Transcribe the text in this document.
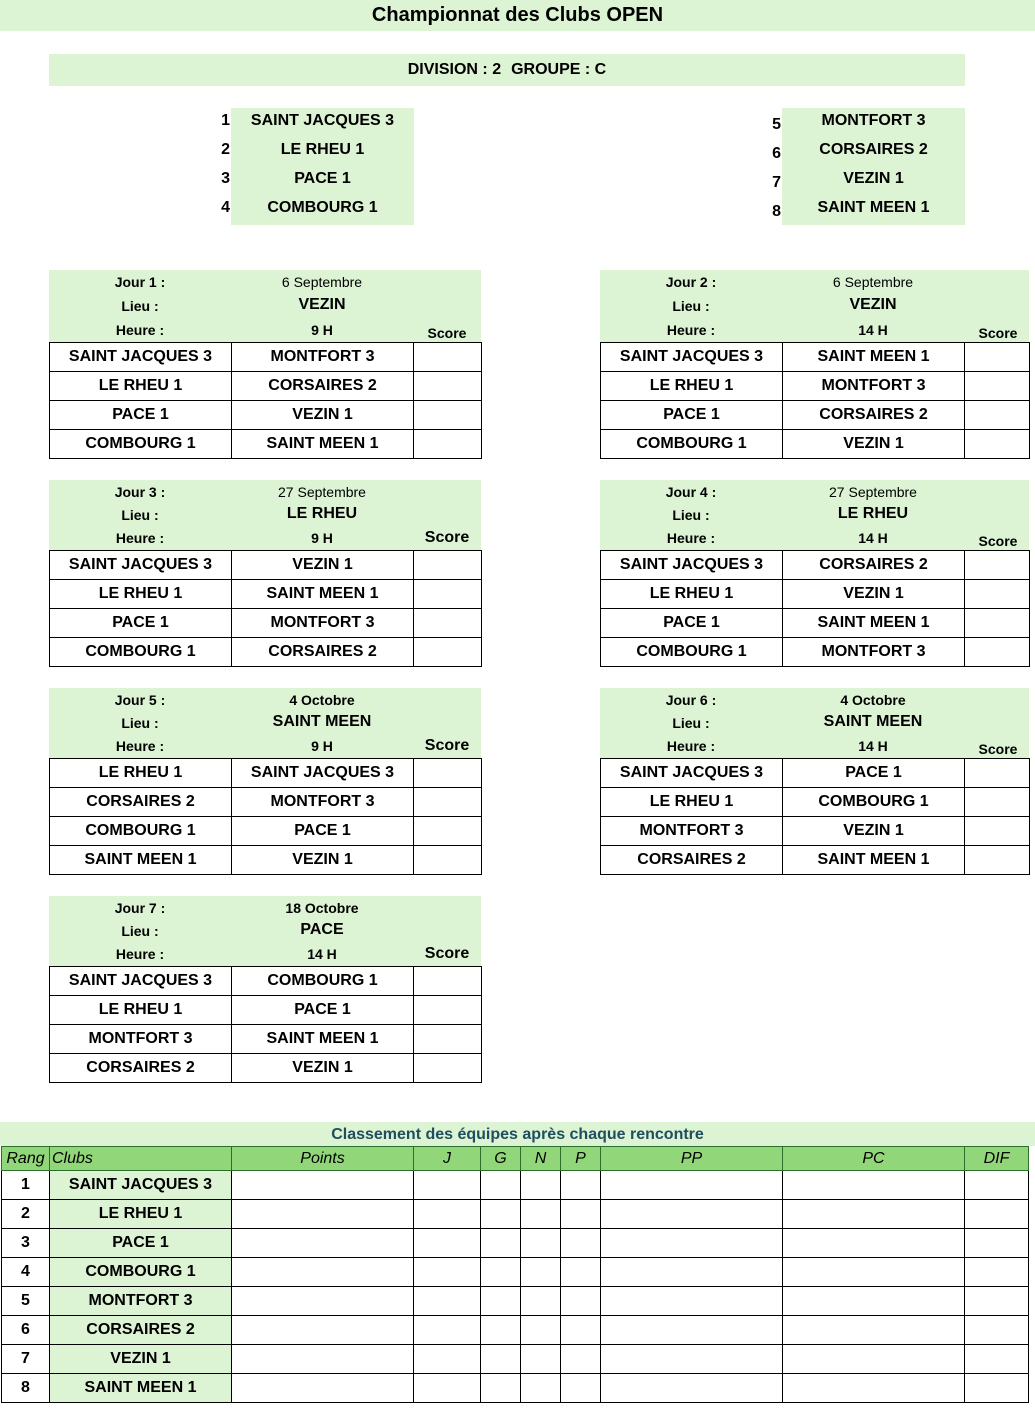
Championnat des Clubs OPEN
DIVISION : 2 GROUPE : C
1	SAINT JACQUES 3
2	LE RHEU 1
3	PACE 1
4	COMBOURG 1
5	MONTFORT 3
6	CORSAIRES 2
7	VEZIN 1
8	SAINT MEEN 1
Jour 1 :	6 Septembre
Lieu :	VEZIN
Heure :	9 H	Score
SAINT JACQUES 3	MONTFORT 3	
LE RHEU 1	CORSAIRES 2	
PACE 1	VEZIN 1	
COMBOURG 1	SAINT MEEN 1	
Jour 2 :	6 Septembre
Lieu :	VEZIN
Heure :	14 H	Score
SAINT JACQUES 3	SAINT MEEN 1	
LE RHEU 1	MONTFORT 3	
PACE 1	CORSAIRES 2	
COMBOURG 1	VEZIN 1	
Jour 3 :	27 Septembre
Lieu :	LE RHEU
Heure :	9 H	Score
SAINT JACQUES 3	VEZIN 1	
LE RHEU 1	SAINT MEEN 1	
PACE 1	MONTFORT 3	
COMBOURG 1	CORSAIRES 2	
Jour 4 :	27 Septembre
Lieu :	LE RHEU
Heure :	14 H	Score
SAINT JACQUES 3	CORSAIRES 2	
LE RHEU 1	VEZIN 1	
PACE 1	SAINT MEEN 1	
COMBOURG 1	MONTFORT 3	
Jour 5 :	4 Octobre
Lieu :	SAINT MEEN
Heure :	9 H	Score
LE RHEU 1	SAINT JACQUES 3	
CORSAIRES 2	MONTFORT 3	
COMBOURG 1	PACE 1	
SAINT MEEN 1	VEZIN 1	
Jour 6 :	4 Octobre
Lieu :	SAINT MEEN
Heure :	14 H	Score
SAINT JACQUES 3	PACE 1	
LE RHEU 1	COMBOURG 1	
MONTFORT 3	VEZIN 1	
CORSAIRES 2	SAINT MEEN 1	
Jour 7 :	18 Octobre
Lieu :	PACE
Heure :	14 H	Score
SAINT JACQUES 3	COMBOURG 1	
LE RHEU 1	PACE 1	
MONTFORT 3	SAINT MEEN 1	
CORSAIRES 2	VEZIN 1	
Classement des équipes après chaque rencontre
Rang	Clubs	Points	J	G	N	P	PP	PC	DIF
1	SAINT JACQUES 3								
2	LE RHEU 1								
3	PACE 1								
4	COMBOURG 1								
5	MONTFORT 3								
6	CORSAIRES 2								
7	VEZIN 1								
8	SAINT MEEN 1								
